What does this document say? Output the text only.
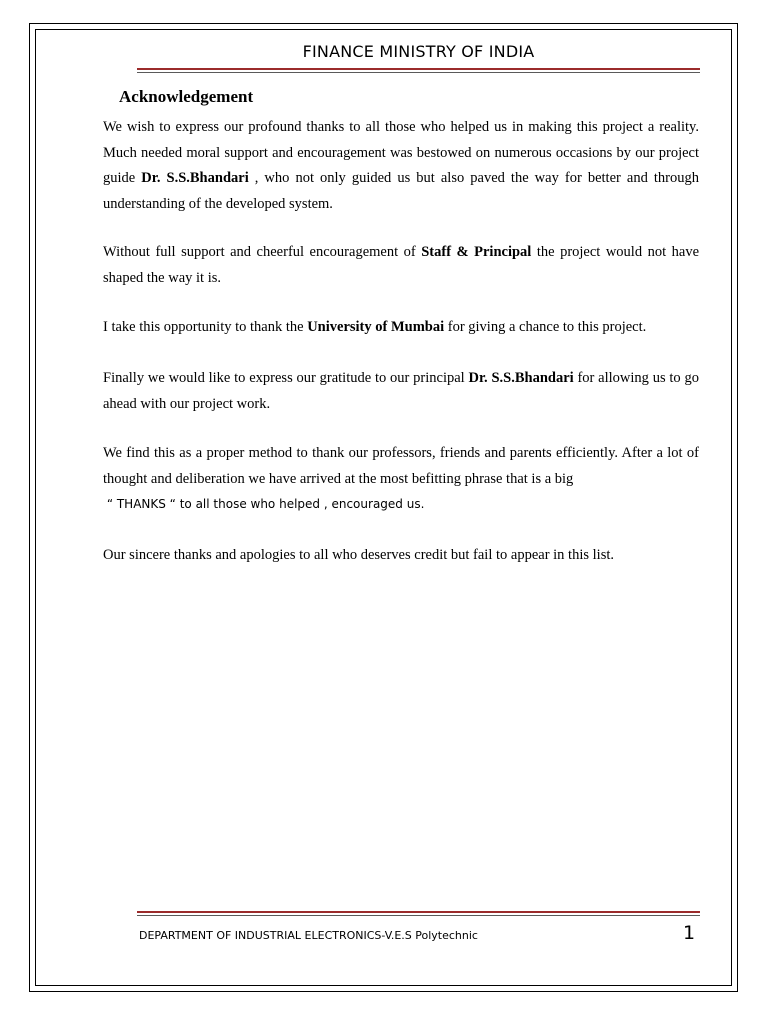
FINANCE MINISTRY OF INDIA
Acknowledgement
We wish to express our profound thanks to all those who helped us in making this project a reality. Much needed moral support and encouragement was bestowed on numerous occasions by our project guide Dr. S.S.Bhandari , who not only guided us but also paved the way for better and through understanding of the developed system.
Without full support and cheerful encouragement of Staff & Principal the project would not have shaped the way it is.
I take this opportunity to thank the University of Mumbai for giving a chance to this project.
Finally we would like to express our gratitude to our principal Dr. S.S.Bhandari for allowing us to go ahead with our project work.
We find this as a proper method to thank our professors, friends and parents efficiently. After a lot of thought and deliberation we have arrived at the most befitting phrase that is a big
“ THANKS “ to all those who helped , encouraged us.
Our sincere thanks and apologies to all who deserves credit but fail to appear in this list.
DEPARTMENT OF INDUSTRIAL ELECTRONICS-V.E.S Polytechnic	1
